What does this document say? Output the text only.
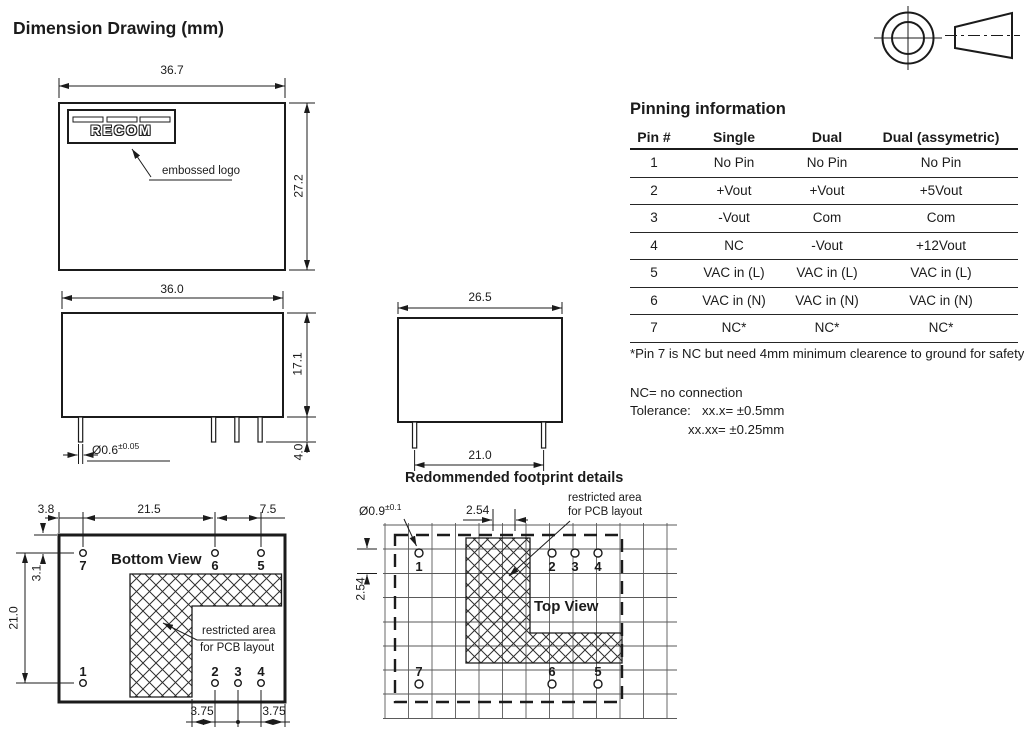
Dimension Drawing (mm)
36.7
27.2
RECOM
embossed logo
36.0
17.1
4.0
$Ø0.6^{\pm 0.05}$
26.5
21.0
Bottom View
3.8	21.5	7.5
3.1
21.0
3.75	3.75
7	6	5
1	2 3 4
restricted area
for PCB layout
Redommended footprint details
Top View
$Ø0.9^{\pm 0.1}$	2.54
2.54
restricted area
for PCB layout
1	2 3 4
7	6	5
Pinning information
Pin #	Single	Dual	Dual (assymetric)
1	No Pin	No Pin	No Pin
2	+Vout	+Vout	+5Vout
3	-Vout	Com	Com
4	NC	-Vout	+12Vout
5	VAC in (L)	VAC in (L)	VAC in (L)
6	VAC in (N)	VAC in (N)	VAC in (N)
7	NC*	NC*	NC*
*Pin 7 is NC but need 4mm minimum clearence to ground for safety
NC= no connection
Tolerance: xx.x= ±0.5mm
xx.xx= ±0.25mm
